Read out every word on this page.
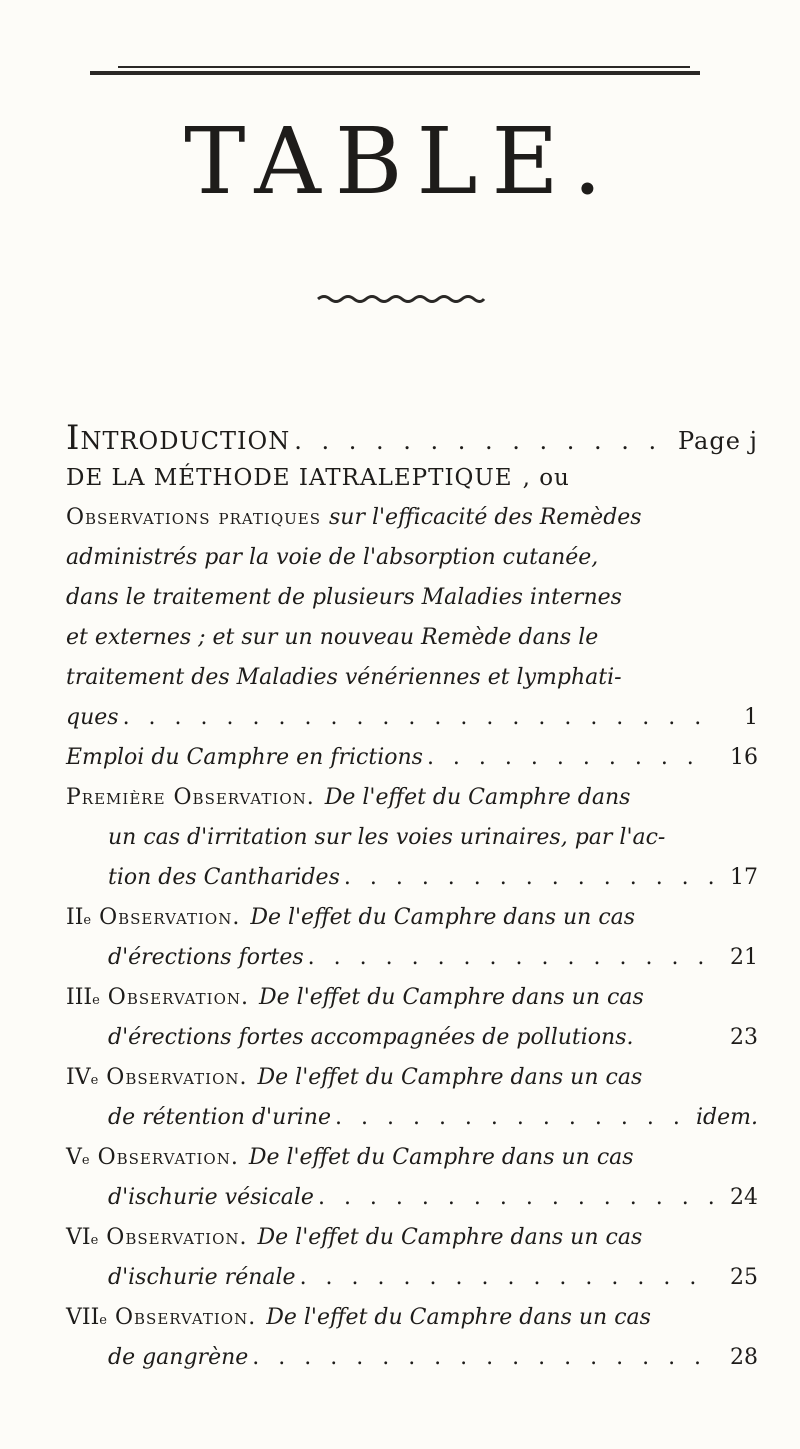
TABLE.
I NTRODUCTION . . .	Page j
DE LA MÉTHODE IATRALEPTIQUE , ou
Observations pratiques sur l'efficacité des Remèdes
administrés par la voie de l'absorption cutanée,
dans le traitement de plusieurs Maladies internes
et externes ; et sur un nouveau Remède dans le
traitement des Maladies vénériennes et lymphati-
ques . . .	1
Emploi du Camphre en frictions . . .	16
Première Observation. De l'effet du Camphre dans
un cas d'irritation sur les voies urinaires, par l'ac-
tion des Cantharides . . .	17
II e Observation. De l'effet du Camphre dans un cas
d'érections fortes . . .	21
III e Observation. De l'effet du Camphre dans un cas
d'érections fortes accompagnées de pollutions.	23
IV e Observation. De l'effet du Camphre dans un cas
de rétention d'urine . . .	idem.
V e Observation. De l'effet du Camphre dans un cas
d'ischurie vésicale . . .	24
VI e Observation. De l'effet du Camphre dans un cas
d'ischurie rénale . . .	25
VII e Observation. De l'effet du Camphre dans un cas
de gangrène . . .	28
